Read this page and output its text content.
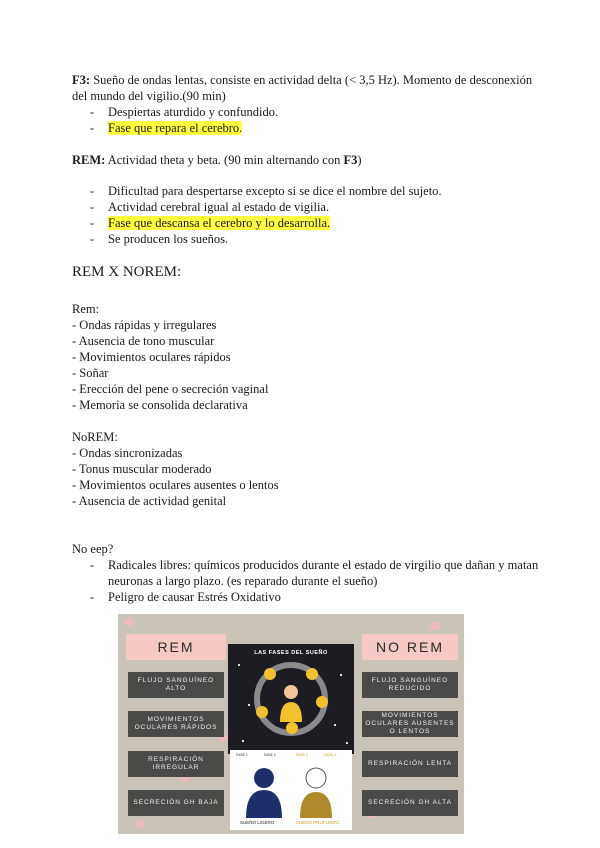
F3: Sueño de ondas lentas, consiste en actividad delta (< 3,5 Hz). Momento de desconexión
del mundo del vigilio.(90 min)
- Despiertas aturdido y confundido.
- Fase que repara el cerebro.
REM: Actividad theta y beta. (90 min alternando con F3)
- Dificultad para despertarse excepto si se dice el nombre del sujeto.
- Actividad cerebral igual al estado de vigilia.
- Fase que descansa el cerebro y lo desarrolla.
- Se producen los sueños.
REM X NOREM:
Rem:
- Ondas rápidas y irregulares
- Ausencia de tono muscular
- Movimientos oculares rápidos
- Soñar
- Erección del pene o secreción vaginal
- Memoria se consolida declarativa
NoREM:
- Ondas sincronizadas
- Tonus muscular moderado
- Movimientos oculares ausentes o lentos
- Ausencia de actividad genital
No eep?
- Radicales libres: químicos producidos durante el estado de virgilio que dañan y matan
neuronas a largo plazo. (es reparado durante el sueño)
- Peligro de causar Estrés Oxidativo
REM
FLUJO SANGUÍNEO ALTO
MOVIMIENTOS OCULARES RÁPIDOS
RESPIRACIÓN IRREGULAR
SECRECIÓN GH BAJA
NO REM
FLUJO SANGUÍNEO REDUCIDO
MOVIMIENTOS OCULARES AUSENTES O LENTOS
RESPIRACIÓN LENTA
SECRECIÓN GH ALTA
LAS FASES DEL SUEÑO
FASE 1	FASE 2	FASE 3	FASE 4
SUEÑO LIGERO	SUEÑO PROFUNDO
